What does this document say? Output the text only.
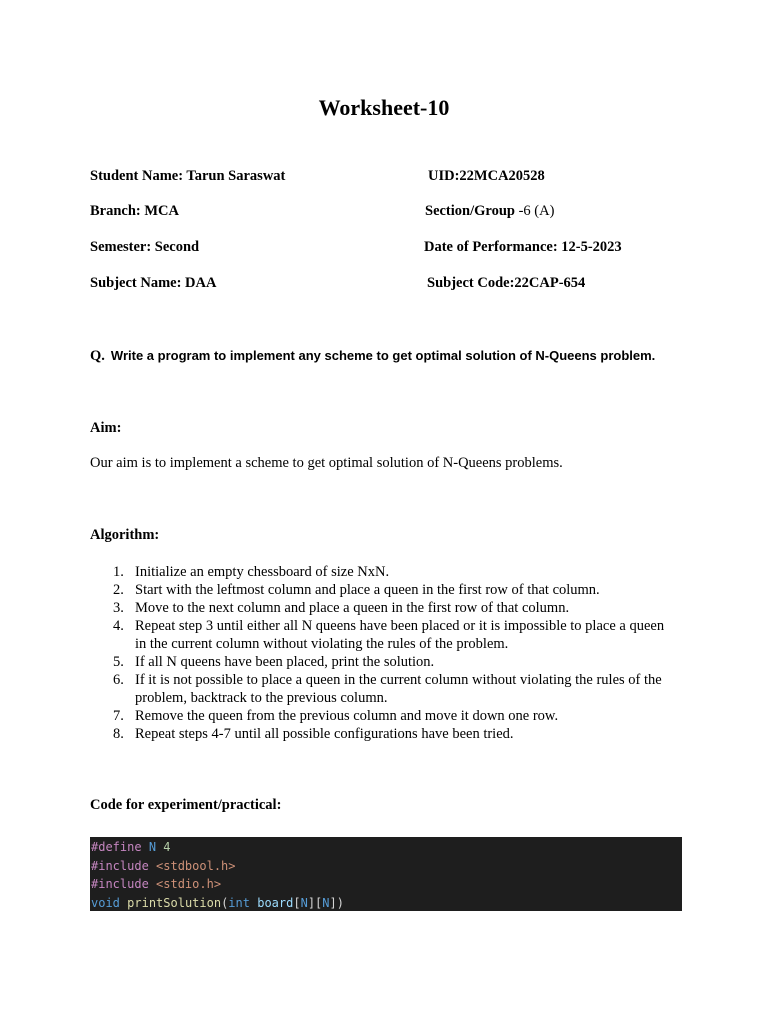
Worksheet-10
Student Name: Tarun Saraswat	UID:22MCA20528
Branch: MCA	Section/Group -6 (A)
Semester: Second	Date of Performance: 12-5-2023
Subject Name: DAA	Subject Code:22CAP-654
Q. Write a program to implement any scheme to get optimal solution of N-Queens problem.
Aim:
Our aim is to implement a scheme to get optimal solution of N-Queens problems.
Algorithm:
1. Initialize an empty chessboard of size NxN.
2. Start with the leftmost column and place a queen in the first row of that column.
3. Move to the next column and place a queen in the first row of that column.
4. Repeat step 3 until either all N queens have been placed or it is impossible to place a queen in the current column without violating the rules of the problem.
5. If all N queens have been placed, print the solution.
6. If it is not possible to place a queen in the current column without violating the rules of the problem, backtrack to the previous column.
7. Remove the queen from the previous column and move it down one row.
8. Repeat steps 4-7 until all possible configurations have been tried.
Code for experiment/practical:
#define N 4
#include <stdbool.h>
#include <stdio.h>
void printSolution(int board[N][N])
